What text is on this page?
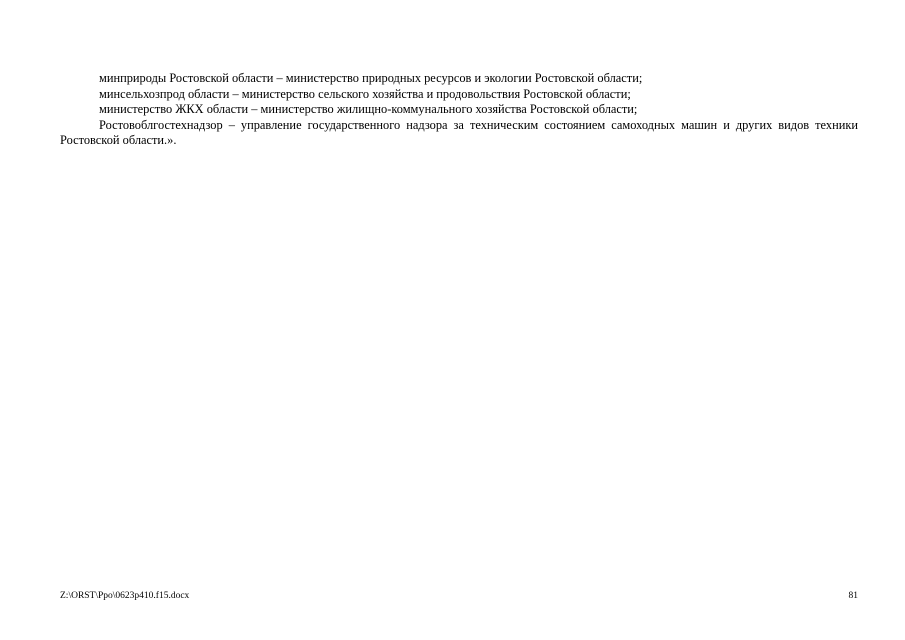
минприроды Ростовской области – министерство природных ресурсов и экологии Ростовской области;

минсельхозпрод области – министерство сельского хозяйства и продовольствия Ростовской области;

министерство ЖКХ области – министерство жилищно-коммунального хозяйства Ростовской области;

Ростовоблгостехнадзор – управление государственного надзора за техническим состоянием самоходных машин и других видов техники Ростовской области.».

Z:\ORST\Ppo\0623p410.f15.docx	81
